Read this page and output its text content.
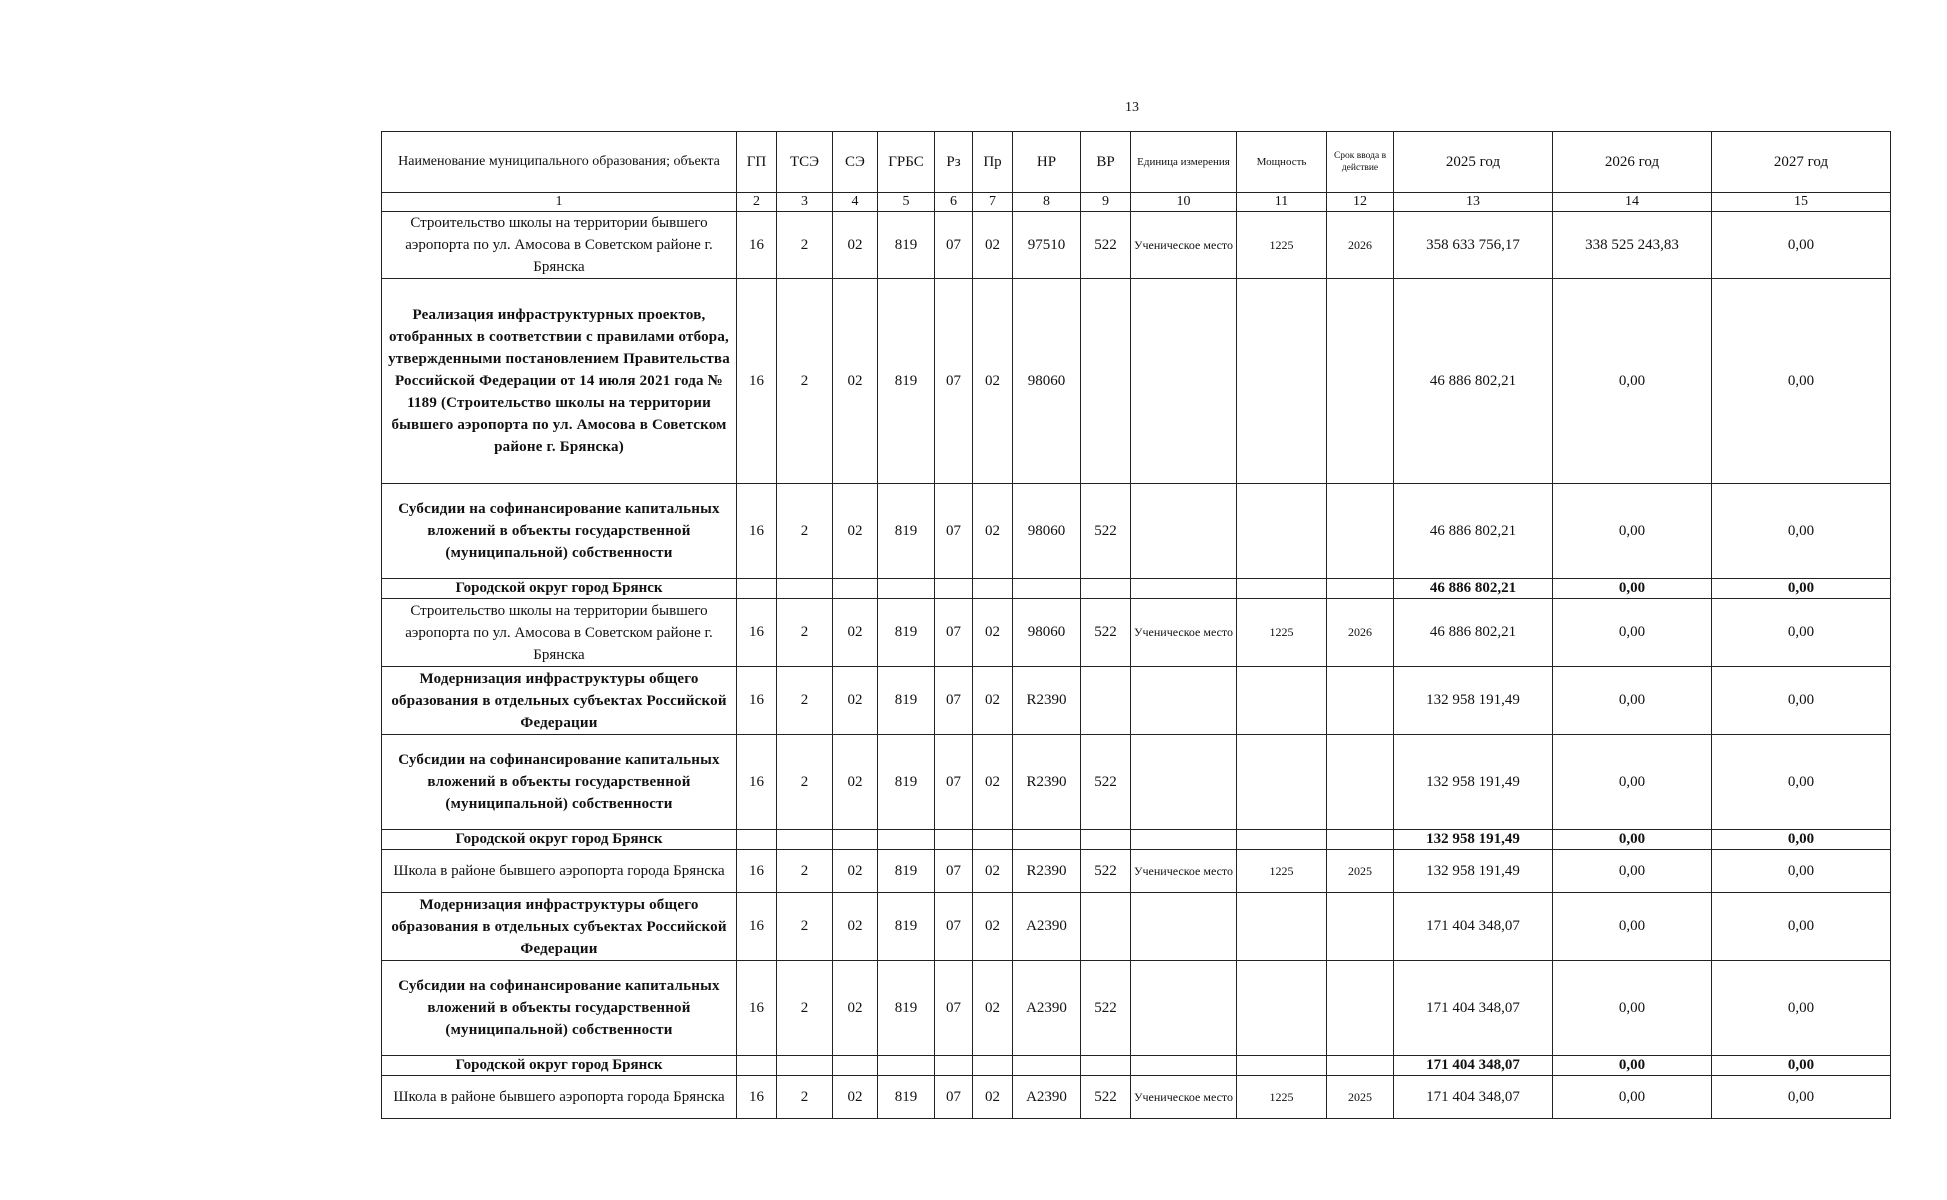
13
Наименование муниципального образования; объекта	ГП	ТСЭ	СЭ	ГРБС	Рз	Пр	НР	ВР	Единица измерения	Мощность	Срок ввода в действие	2025 год	2026 год	2027 год
1	2	3	4	5	6	7	8	9	10	11	12	13	14	15
Строительство школы на территории бывшего аэропорта по ул. Амосова в Советском районе г. Брянска	16	2	02	819	07	02	97510	522	Ученическое место	1225	2026	358 633 756,17	338 525 243,83	0,00
Реализация инфраструктурных проектов, отобранных в соответствии с правилами отбора, утвержденными постановлением Правительства Российской Федерации от 14 июля 2021 года № 1189 (Строительство школы на территории бывшего аэропорта по ул. Амосова в Советском районе г. Брянска)	16	2	02	819	07	02	98060					46 886 802,21	0,00	0,00
Субсидии на софинансирование капитальных вложений в объекты государственной (муниципальной) собственности	16	2	02	819	07	02	98060	522				46 886 802,21	0,00	0,00
Городской округ город Брянск												46 886 802,21	0,00	0,00
Строительство школы на территории бывшего аэропорта по ул. Амосова в Советском районе г. Брянска	16	2	02	819	07	02	98060	522	Ученическое место	1225	2026	46 886 802,21	0,00	0,00
Модернизация инфраструктуры общего образования в отдельных субъектах Российской Федерации	16	2	02	819	07	02	R2390					132 958 191,49	0,00	0,00
Субсидии на софинансирование капитальных вложений в объекты государственной (муниципальной) собственности	16	2	02	819	07	02	R2390	522				132 958 191,49	0,00	0,00
Городской округ город Брянск												132 958 191,49	0,00	0,00
Школа в районе бывшего аэропорта города Брянска	16	2	02	819	07	02	R2390	522	Ученическое место	1225	2025	132 958 191,49	0,00	0,00
Модернизация инфраструктуры общего образования в отдельных субъектах Российской Федерации	16	2	02	819	07	02	A2390					171 404 348,07	0,00	0,00
Субсидии на софинансирование капитальных вложений в объекты государственной (муниципальной) собственности	16	2	02	819	07	02	A2390	522				171 404 348,07	0,00	0,00
Городской округ город Брянск												171 404 348,07	0,00	0,00
Школа в районе бывшего аэропорта города Брянска	16	2	02	819	07	02	A2390	522	Ученическое место	1225	2025	171 404 348,07	0,00	0,00
